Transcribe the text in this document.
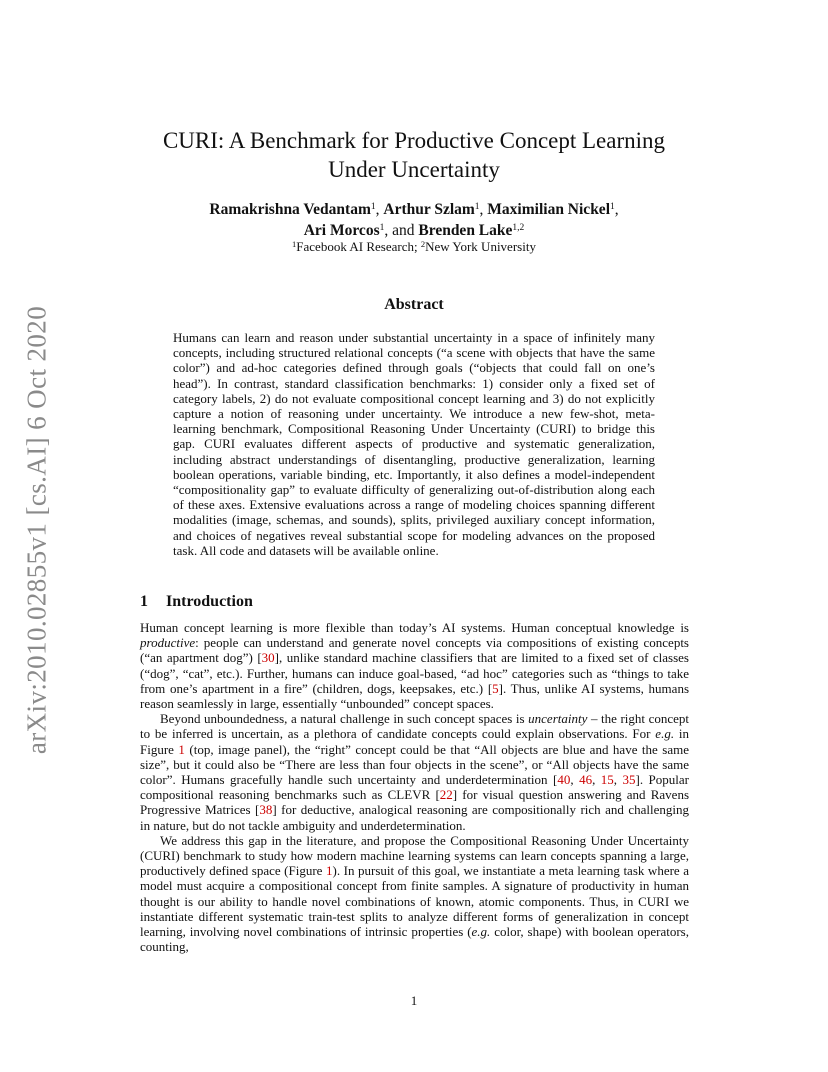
arXiv:2010.02855v1 [cs.AI] 6 Oct 2020
CURI: A Benchmark for Productive Concept Learning
Under Uncertainty
Ramakrishna Vedantam$^1$, Arthur Szlam$^1$, Maximilian Nickel$^1$,
Ari Morcos$^1$, and Brenden Lake$^{1,2}$
$^1$Facebook AI Research; $^2$New York University
Abstract
Humans can learn and reason under substantial uncertainty in a space of infinitely many concepts, including structured relational concepts (“a scene with objects that have the same color”) and ad-hoc categories defined through goals (“objects that could fall on one’s head”). In contrast, standard classification benchmarks: 1) consider only a fixed set of category labels, 2) do not evaluate compositional concept learning and 3) do not explicitly capture a notion of reasoning under uncertainty. We introduce a new few-shot, meta-learning benchmark, Compositional Reasoning Under Uncertainty (CURI) to bridge this gap. CURI evaluates different aspects of productive and systematic generalization, including abstract understandings of disentangling, productive generalization, learning boolean operations, variable binding, etc. Importantly, it also defines a model-independent “compositionality gap” to evaluate difficulty of generalizing out-of-distribution along each of these axes. Extensive evaluations across a range of modeling choices spanning different modalities (image, schemas, and sounds), splits, privileged auxiliary concept information, and choices of negatives reveal substantial scope for modeling advances on the proposed task. All code and datasets will be available online.
1 Introduction

Human concept learning is more flexible than today’s AI systems. Human conceptual knowledge is productive: people can understand and generate novel concepts via compositions of existing concepts (“an apartment dog”) [30], unlike standard machine classifiers that are limited to a fixed set of classes (“dog”, “cat”, etc.). Further, humans can induce goal-based, “ad hoc” categories such as “things to take from one’s apartment in a fire” (children, dogs, keepsakes, etc.) [5]. Thus, unlike AI systems, humans reason seamlessly in large, essentially “unbounded” concept spaces.

Beyond unboundedness, a natural challenge in such concept spaces is uncertainty – the right concept to be inferred is uncertain, as a plethora of candidate concepts could explain observations. For e.g. in Figure 1 (top, image panel), the “right” concept could be that “All objects are blue and have the same size”, but it could also be “There are less than four objects in the scene”, or “All objects have the same color”. Humans gracefully handle such uncertainty and underdetermination [40, 46, 15, 35]. Popular compositional reasoning benchmarks such as CLEVR [22] for visual question answering and Ravens Progressive Matrices [38] for deductive, analogical reasoning are compositionally rich and challenging in nature, but do not tackle ambiguity and underdetermination.

We address this gap in the literature, and propose the Compositional Reasoning Under Uncertainty (CURI) benchmark to study how modern machine learning systems can learn concepts spanning a large, productively defined space (Figure 1). In pursuit of this goal, we instantiate a meta learning task where a model must acquire a compositional concept from finite samples. A signature of productivity in human thought is our ability to handle novel combinations of known, atomic components. Thus, in CURI we instantiate different systematic train-test splits to analyze different forms of generalization in concept learning, involving novel combinations of intrinsic properties (e.g. color, shape) with boolean operators, counting,

1
